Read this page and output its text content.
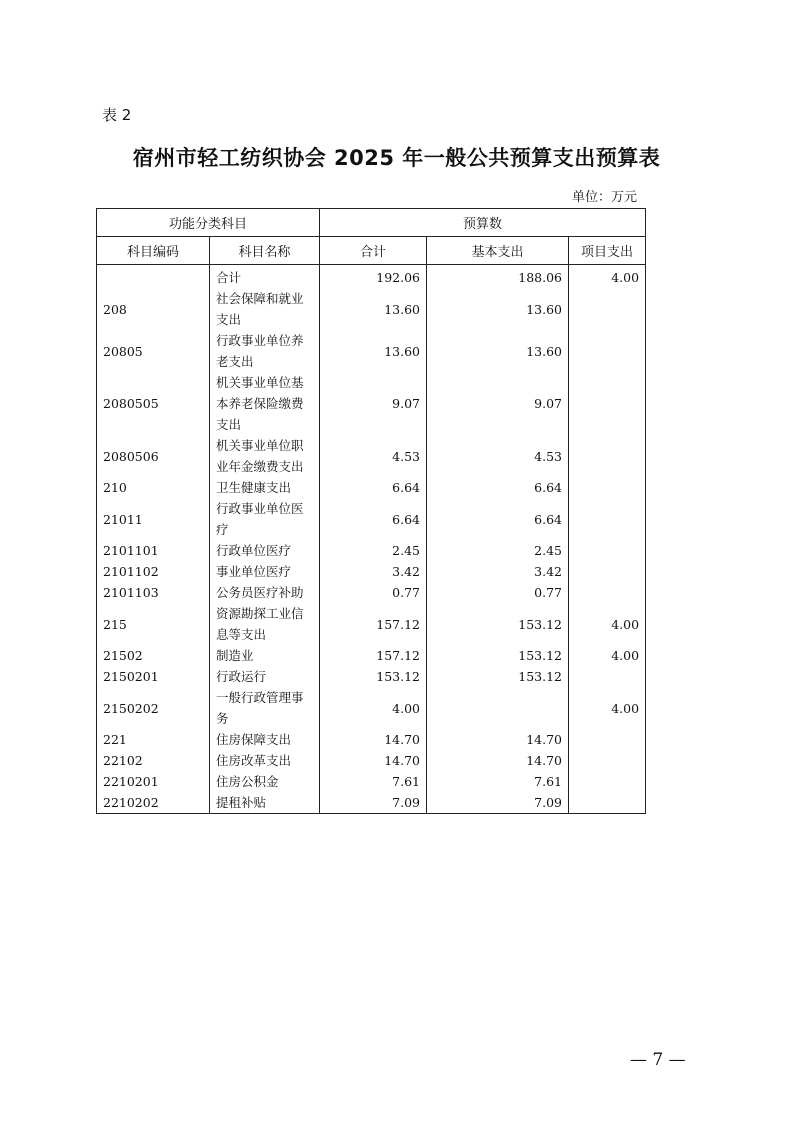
表 2
宿州市轻工纺织协会 2025 年一般公共预算支出预算表
单位：万元
功能分类科目		预算数		
科目编码	科目名称	合计	基本支出	项目支出
	合计	192.06	188.06	4.00
208	社会保障和就业支出	13.60	13.60	
20805	行政事业单位养老支出	13.60	13.60	
2080505	机关事业单位基本养老保险缴费支出	9.07	9.07	
2080506	机关事业单位职业年金缴费支出	4.53	4.53	
210	卫生健康支出	6.64	6.64	
21011	行政事业单位医疗	6.64	6.64	
2101101	行政单位医疗	2.45	2.45	
2101102	事业单位医疗	3.42	3.42	
2101103	公务员医疗补助	0.77	0.77	
215	资源勘探工业信息等支出	157.12	153.12	4.00
21502	制造业	157.12	153.12	4.00
2150201	行政运行	153.12	153.12	
2150202	一般行政管理事务	4.00		4.00
221	住房保障支出	14.70	14.70	
22102	住房改革支出	14.70	14.70	
2210201	住房公积金	7.61	7.61	
2210202	提租补贴	7.09	7.09	
— 7 —
